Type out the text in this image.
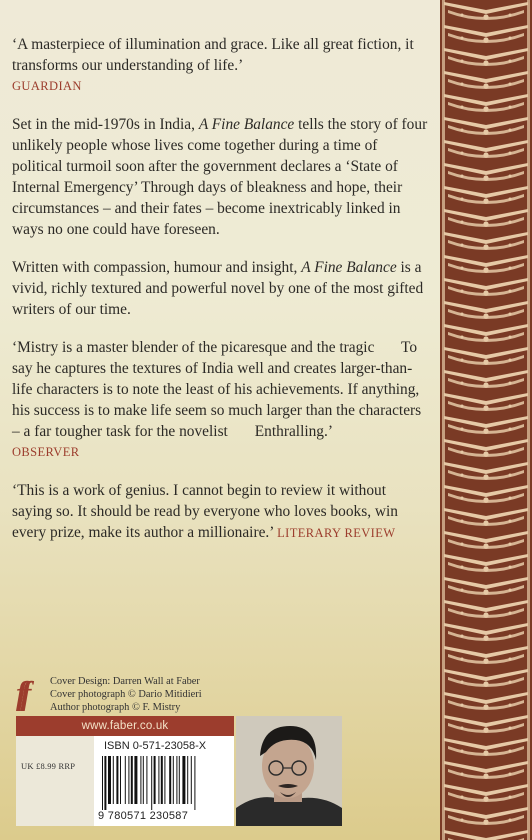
‘A masterpiece of illumination and grace. Like all great fiction, it transforms our understanding of life.’
GUARDIAN

Set in the mid-1970s in India, A Fine Balance tells the story of four unlikely people whose lives come together during a time of political turmoil soon after the government declares a ‘State of Internal Emergency’ Through days of bleakness and hope, their circumstances – and their fates – become inextricably linked in ways no one could have foreseen.

Written with compassion, humour and insight, A Fine Balance is a vivid, richly textured and powerful novel by one of the most gifted writers of our time.

‘Mistry is a master blender of the picaresque and the tragic       To say he captures the textures of India well and creates larger-than-life characters is to note the least of his achievements. If anything, his success is to make life seem so much larger than the characters – a far tougher task for the novelist       Enthralling.’
OBSERVER

‘This is a work of genius. I cannot begin to review it without saying so. It should be read by everyone who loves books, win every prize, make its author a millionaire.’ LITERARY REVIEW

ff Cover Design: Darren Wall at Faber
Cover photograph © Dario Mitidieri
Author photograph © F. Mistry
www.faber.co.uk
UK £8.99 RRP
ISBN 0-571-23058-X
9 780571 230587
